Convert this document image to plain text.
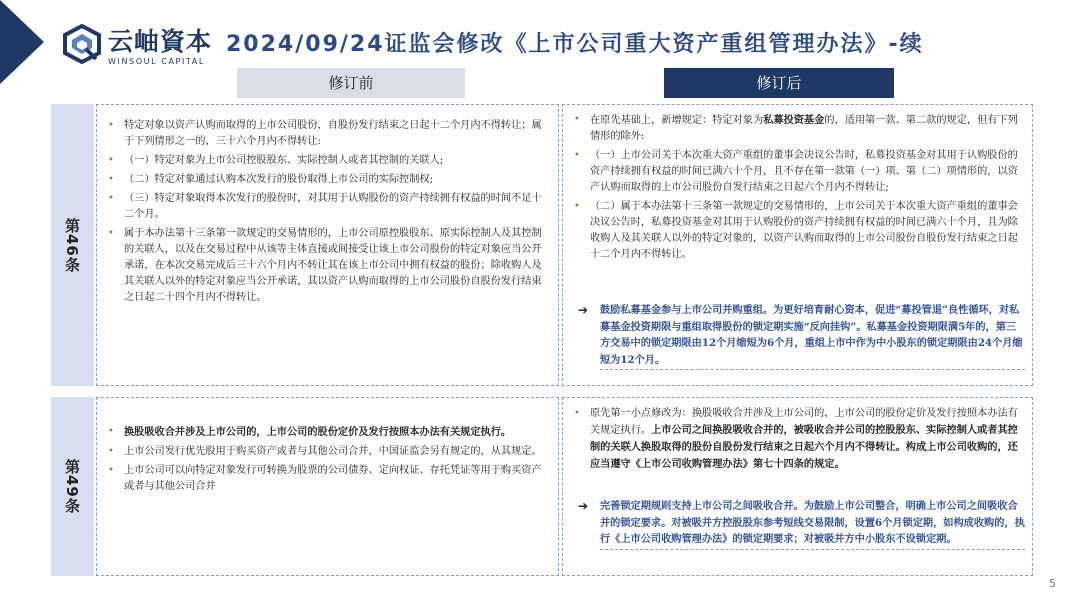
云岫資本
WINSOUL CAPITAL
2024/09/24证监会修改《上市公司重大资产重组管理办法》-续
修订前	修订后
第46条
第49条
• 特定对象以资产认购而取得的上市公司股份，自股份发行结束之日起十二个月内不得转让；属于下列情形之一的，三十六个月内不得转让:
• （一）特定对象为上市公司控股股东、实际控制人或者其控制的关联人;
• （二）特定对象通过认购本次发行的股份取得上市公司的实际控制权;
• （三）特定对象取得本次发行的股份时，对其用于认购股份的资产持续拥有权益的时间不足十二个月。
• 属于本办法第十三条第一款规定的交易情形的，上市公司原控股股东、原实际控制人及其控制的关联人，以及在交易过程中从该等主体直接或间接受让该上市公司股份的特定对象应当公开承诺，在本次交易完成后三十六个月内不转让其在该上市公司中拥有权益的股份；除收购人及其关联人以外的特定对象应当公开承诺，其以资产认购而取得的上市公司股份自股份发行结束之日起二十四个月内不得转让。
• 在原先基础上，新增规定：特定对象为私募投资基金的，适用第一款、第二款的规定，但有下列情形的除外:
• （一）上市公司关于本次重大资产重组的董事会决议公告时，私募投资基金对其用于认购股份的资产持续拥有权益的时间已满六十个月，且不存在第一款第（一）项、第（二）项情形的，以资产认购而取得的上市公司股份自发行结束之日起六个月内不得转让;
• （二）属于本办法第十三条第一款规定的交易情形的，上市公司关于本次重大资产重组的董事会决议公告时，私募投资基金对其用于认购股份的资产持续拥有权益的时间已满六十个月，且为除收购人及其关联人以外的特定对象的，以资产认购而取得的上市公司股份自股份发行结束之日起十二个月内不得转让。
➔ 鼓励私募基金参与上市公司并购重组。为更好培育耐心资本，促进“募投管退”良性循环，对私募基金投资期限与重组取得股份的锁定期实施“反向挂钩”。私募基金投资期限满5年的，第三方交易中的锁定期限由12个月缩短为6个月，重组上市中作为中小股东的锁定期限由24个月缩短为12个月。
• 换股吸收合并涉及上市公司的，上市公司的股份定价及发行按照本办法有关规定执行。
• 上市公司发行优先股用于购买资产或者与其他公司合并，中国证监会另有规定的，从其规定。
• 上市公司可以向特定对象发行可转换为股票的公司债券、定向权证、存托凭证等用于购买资产或者与其他公司合并
• 原先第一小点修改为：换股吸收合并涉及上市公司的，上市公司的股份定价及发行按照本办法有关规定执行。上市公司之间换股吸收合并的，被吸收合并公司的控股股东、实际控制人或者其控制的关联人换股取得的股份自股份发行结束之日起六个月内不得转让。构成上市公司收购的，还应当遵守《上市公司收购管理办法》第七十四条的规定。
➔ 完善锁定期规则支持上市公司之间吸收合并。为鼓励上市公司整合，明确上市公司之间吸收合并的锁定要求。对被吸并方控股股东参考短线交易限制，设置6个月锁定期，如构成收购的，执行《上市公司收购管理办法》的锁定期要求；对被吸并方中小股东不设锁定期。
5
